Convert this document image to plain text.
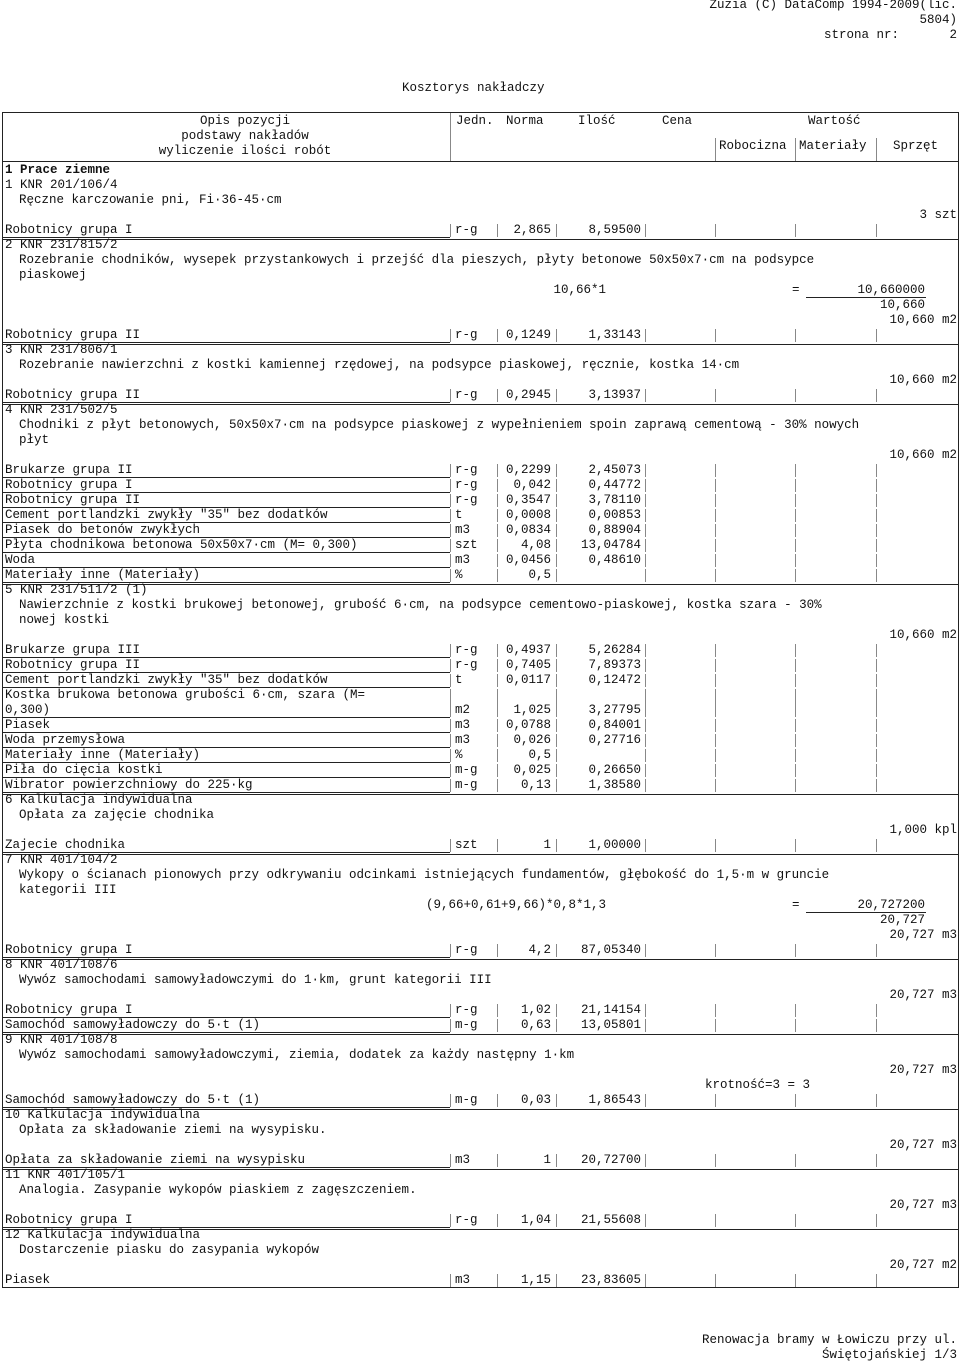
Zuzia (C) DataComp 1994-2009(lic.
5804)
strona nr:	2
Kosztorys nakładczy
Opis pozycji
podstawy nakładów
wyliczenie ilości robót
Jedn. Norma	Ilość	Cena	Wartość
Robocizna Materiały Sprzęt
1 Prace ziemne
1 KNR 201/106/4
Ręczne karczowanie pni, Fi·36-45·cm
3 szt
Robotnicy grupa I	r-g	2,865	8,59500
2 KNR 231/815/2
Rozebranie chodników, wysepek przystankowych i przejść dla pieszych, płyty betonowe 50x50x7·cm na podsypce
piaskowej
10,66*1	=	10,660000
10,660
10,660 m2
Robotnicy grupa II	r-g 0,1249	1,33143
3 KNR 231/806/1
Rozebranie nawierzchni z kostki kamiennej rzędowej, na podsypce piaskowej, ręcznie, kostka 14·cm
10,660 m2
Robotnicy grupa II	r-g 0,2945	3,13937
4 KNR 231/502/5
Chodniki z płyt betonowych, 50x50x7·cm na podsypce piaskowej z wypełnieniem spoin zaprawą cementową - 30% nowych
płyt
10,660 m2
Brukarze grupa II	r-g 0,2299	2,45073
Robotnicy grupa I	r-g	0,042	0,44772
Robotnicy grupa II	r-g 0,3547	3,78110
Cement portlandzki zwykły "35" bez dodatków	t	0,0008	0,00853
Piasek do betonów zwykłych	m3	0,0834	0,88904
Płyta chodnikowa betonowa 50x50x7·cm (M= 0,300)	szt	4,08 13,04784
Woda	m3	0,0456	0,48610
Materiały inne (Materiały)	%	0,5
5 KNR 231/511/2 (1)
Nawierzchnie z kostki brukowej betonowej, grubość 6·cm, na podsypce cementowo-piaskowej, kostka szara - 30%
nowej kostki
10,660 m2
Brukarze grupa III	r-g 0,4937	5,26284
Robotnicy grupa II	r-g 0,7405	7,89373
Cement portlandzki zwykły "35" bez dodatków	t	0,0117	0,12472
Kostka brukowa betonowa grubości 6·cm, szara (M=
0,300)	m2	1,025	3,27795
Piasek	m3	0,0788	0,84001
Woda przemysłowa	m3	0,026	0,27716
Materiały inne (Materiały)	%	0,5
Piła do cięcia kostki	m-g	0,025	0,26650
Wibrator powierzchniowy do 225·kg	m-g	0,13	1,38580
6 Kalkulacja indywidualna
Opłata za zajęcie chodnika
1,000 kpl
Zajecie chodnika	szt	1	1,00000
7 KNR 401/104/2
Wykopy o ścianach pionowych przy odkrywaniu odcinkami istniejących fundamentów, głębokość do 1,5·m w gruncie
kategorii III
(9,66+0,61+9,66)*0,8*1,3	=	20,727200
20,727
20,727 m3
Robotnicy grupa I	r-g	4,2 87,05340
8 KNR 401/108/6
Wywóz samochodami samowyładowczymi do 1·km, grunt kategorii III
20,727 m3
Robotnicy grupa I	r-g	1,02 21,14154
Samochód samowyładowczy do 5·t (1)	m-g	0,63 13,05801
9 KNR 401/108/8
Wywóz samochodami samowyładowczymi, ziemia, dodatek za każdy następny 1·km
20,727 m3
krotność=3 = 3
Samochód samowyładowczy do 5·t (1)	m-g	0,03	1,86543
10 Kalkulacja indywidualna
Opłata za składowanie ziemi na wysypisku.
20,727 m3
Opłata za składowanie ziemi na wysypisku	m3	1 20,72700
11 KNR 401/105/1
Analogia. Zasypanie wykopów piaskiem z zagęszczeniem.
20,727 m3
Robotnicy grupa I	r-g	1,04 21,55608
12 Kalkulacja indywidualna
Dostarczenie piasku do zasypania wykopów
20,727 m2
Piasek	m3	1,15 23,83605
Renowacja bramy w Łowiczu przy ul.
Świętojańskiej 1/3
